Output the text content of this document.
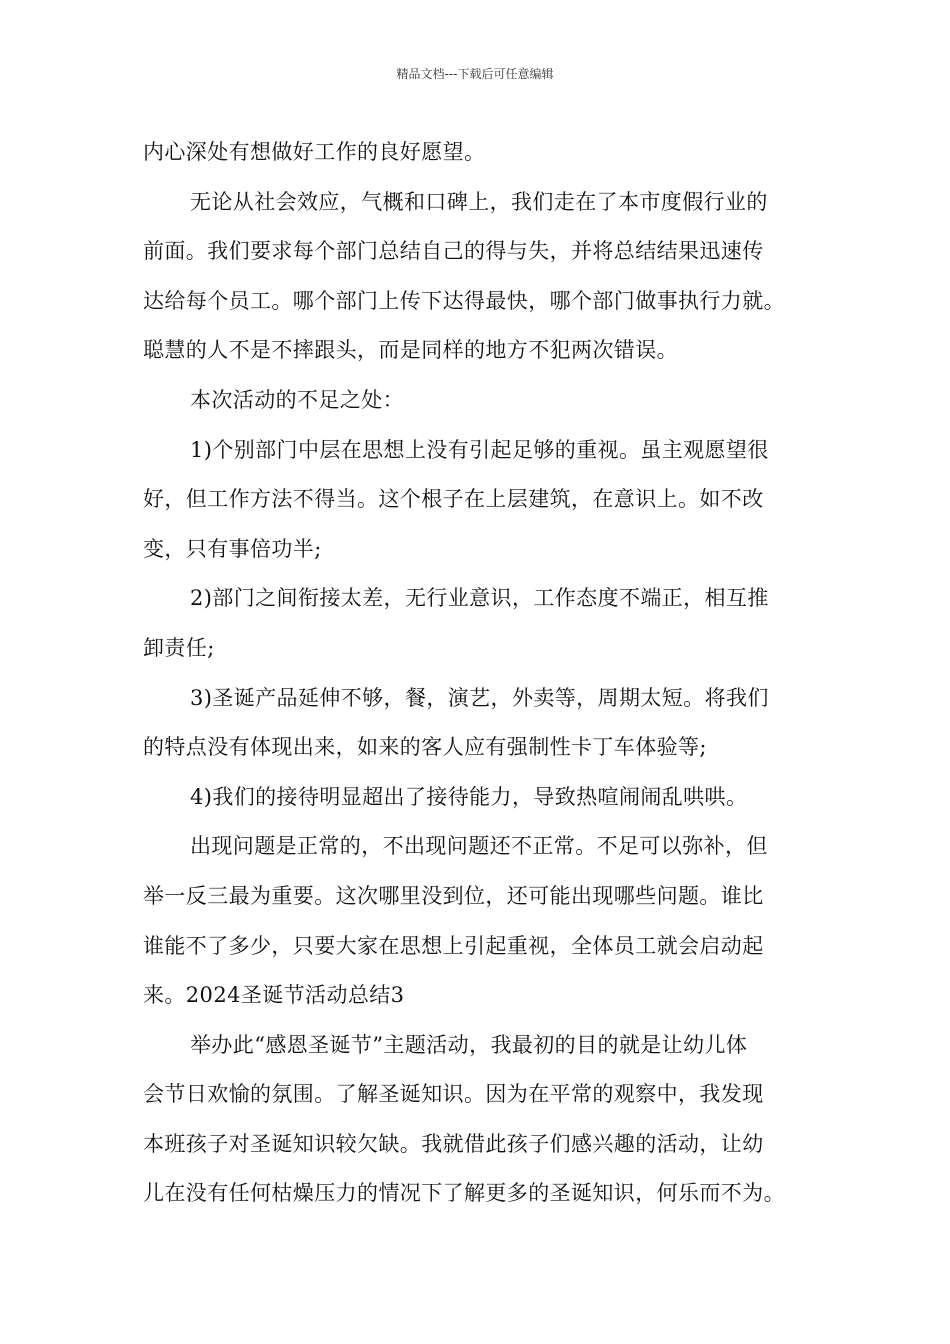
精品文档---下载后可任意编辑

内心深处有想做好工作的良好愿望。

无论从社会效应，气概和口碑上，我们走在了本市度假行业的
前面。我们要求每个部门总结自己的得与失，并将总结结果迅速传
达给每个员工。哪个部门上传下达得最快，哪个部门做事执行力就。
聪慧的人不是不摔跟头，而是同样的地方不犯两次错误。

本次活动的不足之处：

1)个别部门中层在思想上没有引起足够的重视。虽主观愿望很
好，但工作方法不得当。这个根子在上层建筑，在意识上。如不改
变，只有事倍功半;

2)部门之间衔接太差，无行业意识，工作态度不端正，相互推
卸责任;

3)圣诞产品延伸不够，餐，演艺，外卖等，周期太短。将我们
的特点没有体现出来，如来的客人应有强制性卡丁车体验等;

4)我们的接待明显超出了接待能力，导致热喧闹闹乱哄哄。

出现问题是正常的，不出现问题还不正常。不足可以弥补，但
举一反三最为重要。这次哪里没到位，还可能出现哪些问题。谁比
谁能不了多少，只要大家在思想上引起重视，全体员工就会启动起
来。2024圣诞节活动总结3

举办此“感恩圣诞节”主题活动，我最初的目的就是让幼儿体
会节日欢愉的氛围。了解圣诞知识。因为在平常的观察中，我发现
本班孩子对圣诞知识较欠缺。我就借此孩子们感兴趣的活动，让幼
儿在没有任何枯燥压力的情况下了解更多的圣诞知识，何乐而不为。
